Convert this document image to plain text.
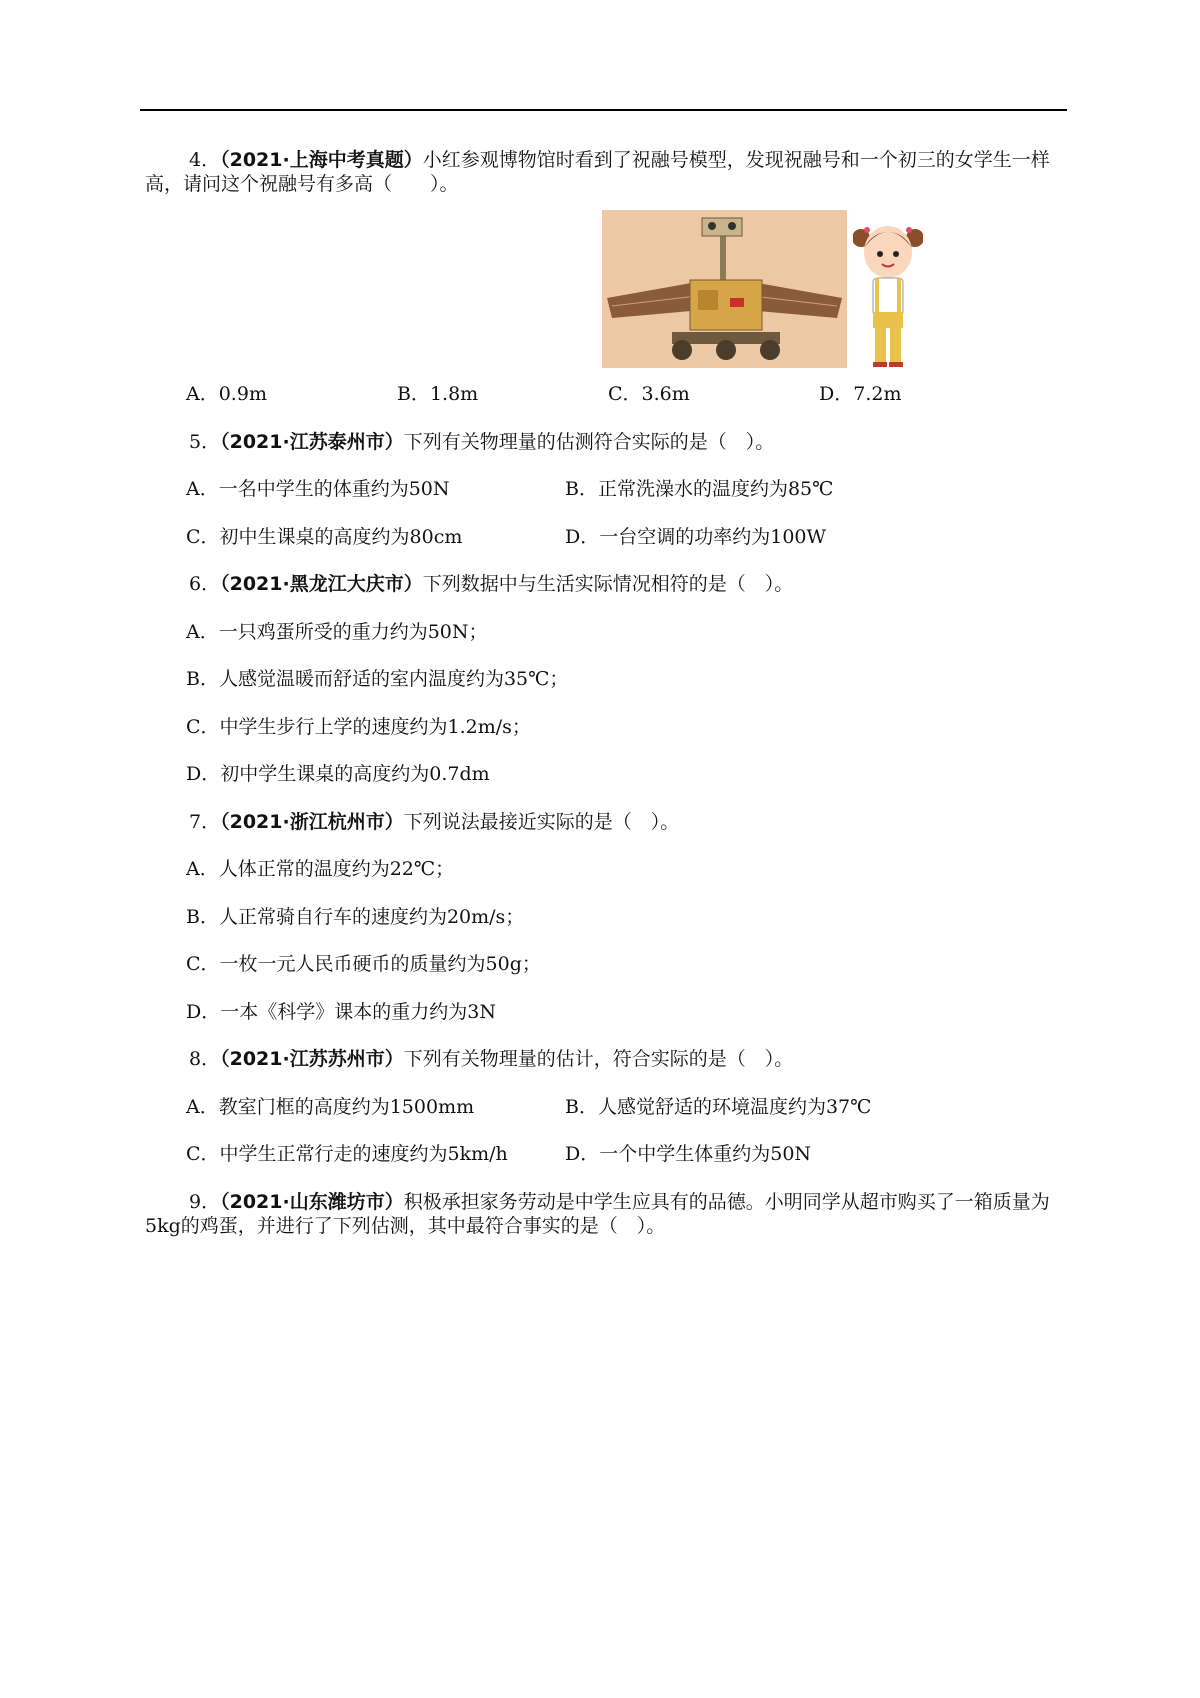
4．（2021·上海中考真题）小红参观博物馆时看到了祝融号模型，发现祝融号和一个初三的女学生一样高，请问这个祝融号有多高（　　）。
A．0.9m	B．1.8m	C．3.6m	D．7.2m
5．（2021·江苏泰州市）下列有关物理量的估测符合实际的是（　）。
A．一名中学生的体重约为50N	B．正常洗澡水的温度约为85℃
C．初中生课桌的高度约为80cm	D．一台空调的功率约为100W
6．（2021·黑龙江大庆市）下列数据中与生活实际情况相符的是（　）。
A．一只鸡蛋所受的重力约为50N；
B．人感觉温暖而舒适的室内温度约为35℃；
C．中学生步行上学的速度约为1.2m/s；
D．初中学生课桌的高度约为0.7dm
7．（2021·浙江杭州市）下列说法最接近实际的是（　）。
A．人体正常的温度约为22℃；
B．人正常骑自行车的速度约为20m/s；
C．一枚一元人民币硬币的质量约为50g；
D．一本《科学》课本的重力约为3N
8．（2021·江苏苏州市）下列有关物理量的估计，符合实际的是（　）。
A．教室门框的高度约为1500mm	B．人感觉舒适的环境温度约为37℃
C．中学生正常行走的速度约为5km/h	D．一个中学生体重约为50N
9．（2021·山东潍坊市）积极承担家务劳动是中学生应具有的品德。小明同学从超市购买了一箱质量为5kg的鸡蛋，并进行了下列估测，其中最符合事实的是（　）。
